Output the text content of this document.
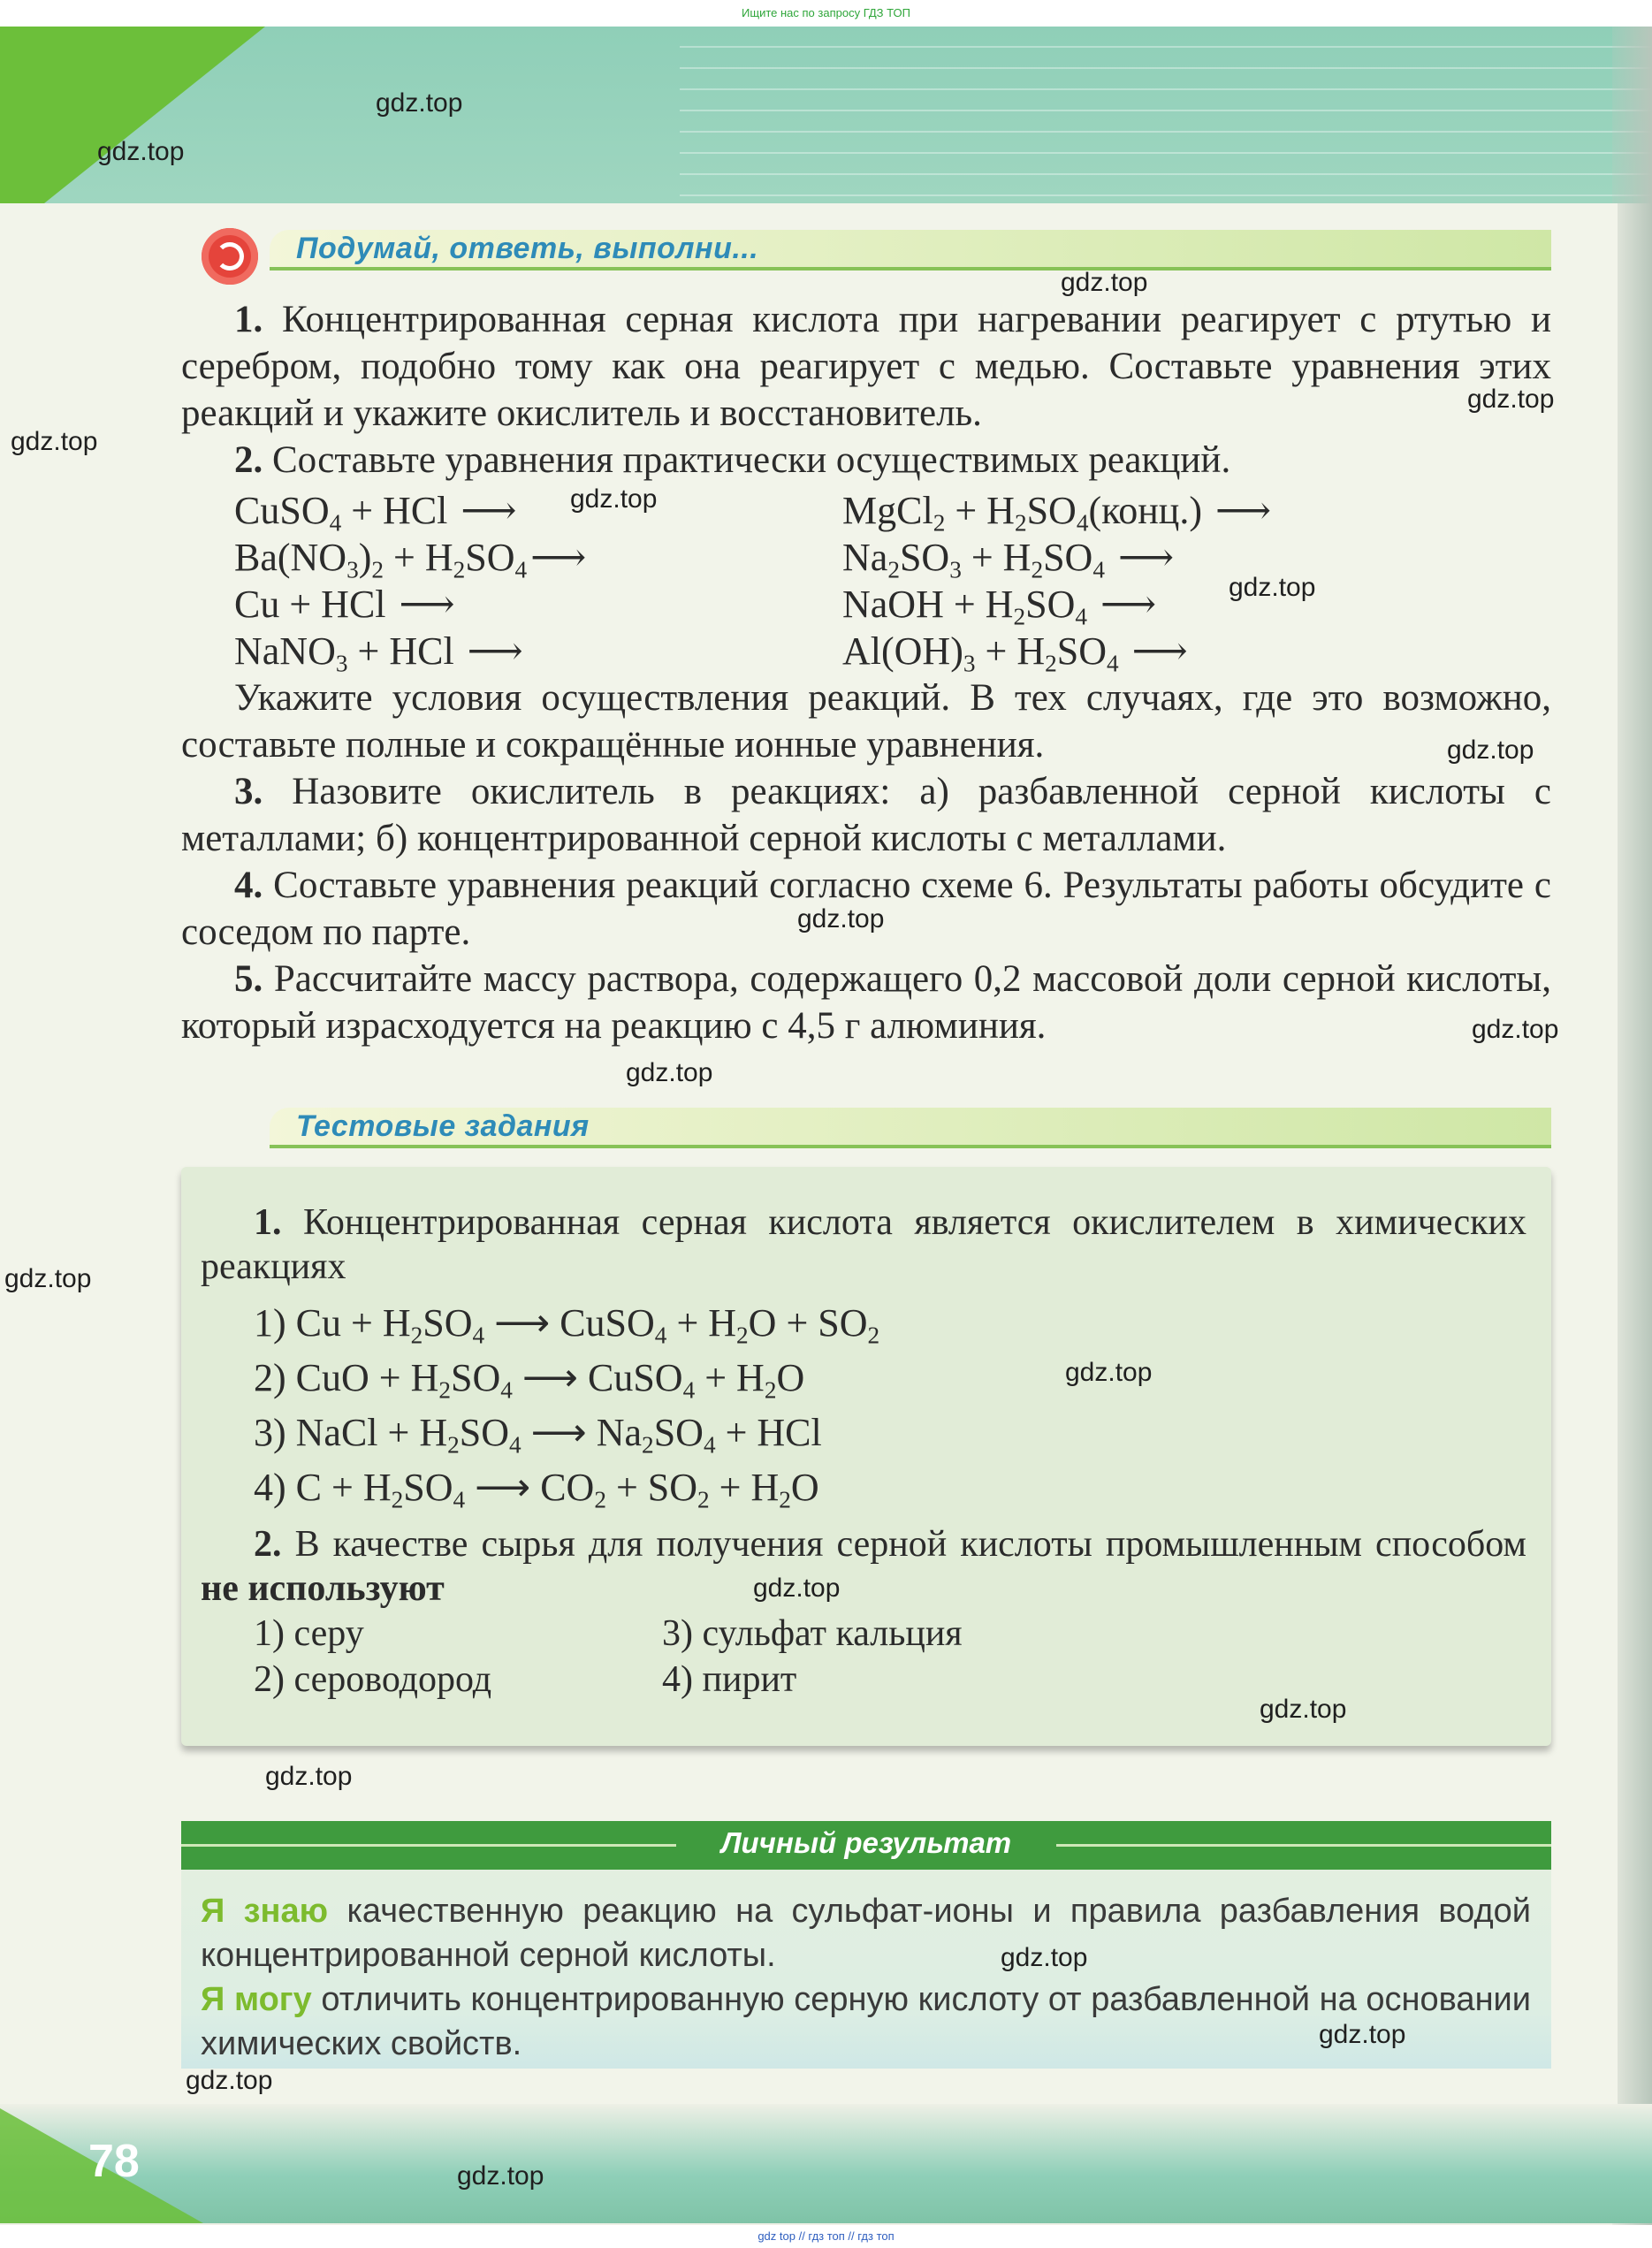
Ищите нас по запросу ГДЗ ТОП
Подумай, ответь, выполни...

1. Концентрированная серная кислота при нагревании реагирует с ртутью и серебром, подобно тому как она реагирует с медью. Составьте уравнения этих реакций и укажите окислитель и восстановитель.

2. Составьте уравнения практически осуществимых реакций.

CuSO$_4$ + HCl ⟶
$Ba(NO_3)_2$ + $H_2SO_4⟶$
Cu + HCl ⟶
NaNO$_3$ + HCl ⟶
MgCl$_2$ + $H_2SO_4(конц.)$ ⟶
$Na_2SO_3 + H_2SO_4$ ⟶
NaOH + $H_2SO_4$ ⟶
$Al(OH)_3 + H_2SO_4$ ⟶

Укажите условия осуществления реакций. В тех случаях, где это возможно, составьте полные и сокращённые ионные уравнения.

3. Назовите окислитель в реакциях: а) разбавленной серной кислоты с металлами; б) концентрированной серной кислоты с металлами.

4. Составьте уравнения реакций согласно схеме 6. Результаты работы обсудите с соседом по парте.

5. Рассчитайте массу раствора, содержащего 0,2 массовой доли серной кислоты, который израсходуется на реакцию с 4,5 г алюминия.

Тестовые задания

1. Концентрированная серная кислота является окислителем в химических реакциях

1) $Cu + H_2SO_4$ ⟶ CuSO$_4$ + $H_2O + SO_2$
2) CuO + $H_2SO_4$ ⟶ CuSO$_4$ + $H_2O$
3) NaCl + $H_2SO_4$ ⟶ $Na_2SO_4$ + HCl
4) $C + H_2SO_4$ ⟶ $CO_2 + SO_2 + H_2O$

2. В качестве сырья для получения серной кислоты промышленным способом не используют

1) серу
2) сероводород
3) сульфат кальция
4) пирит
Личный результат
Я знаю качественную реакцию на сульфат-ионы и правила разбавления водой концентрированной серной кислоты.
Я могу отличить концентрированную серную кислоту от разбавленной на основании химических свойств.
78
gdz.top
gdz.top
gdz.top
gdz.top
gdz.top
gdz.top
gdz.top
gdz.top
gdz.top
gdz.top
gdz.top
gdz.top
gdz.top
gdz.top
gdz.top
gdz.top
gdz.top
gdz.top
gdz.top
gdz.top
gdz top // гдз топ // гдз топ
